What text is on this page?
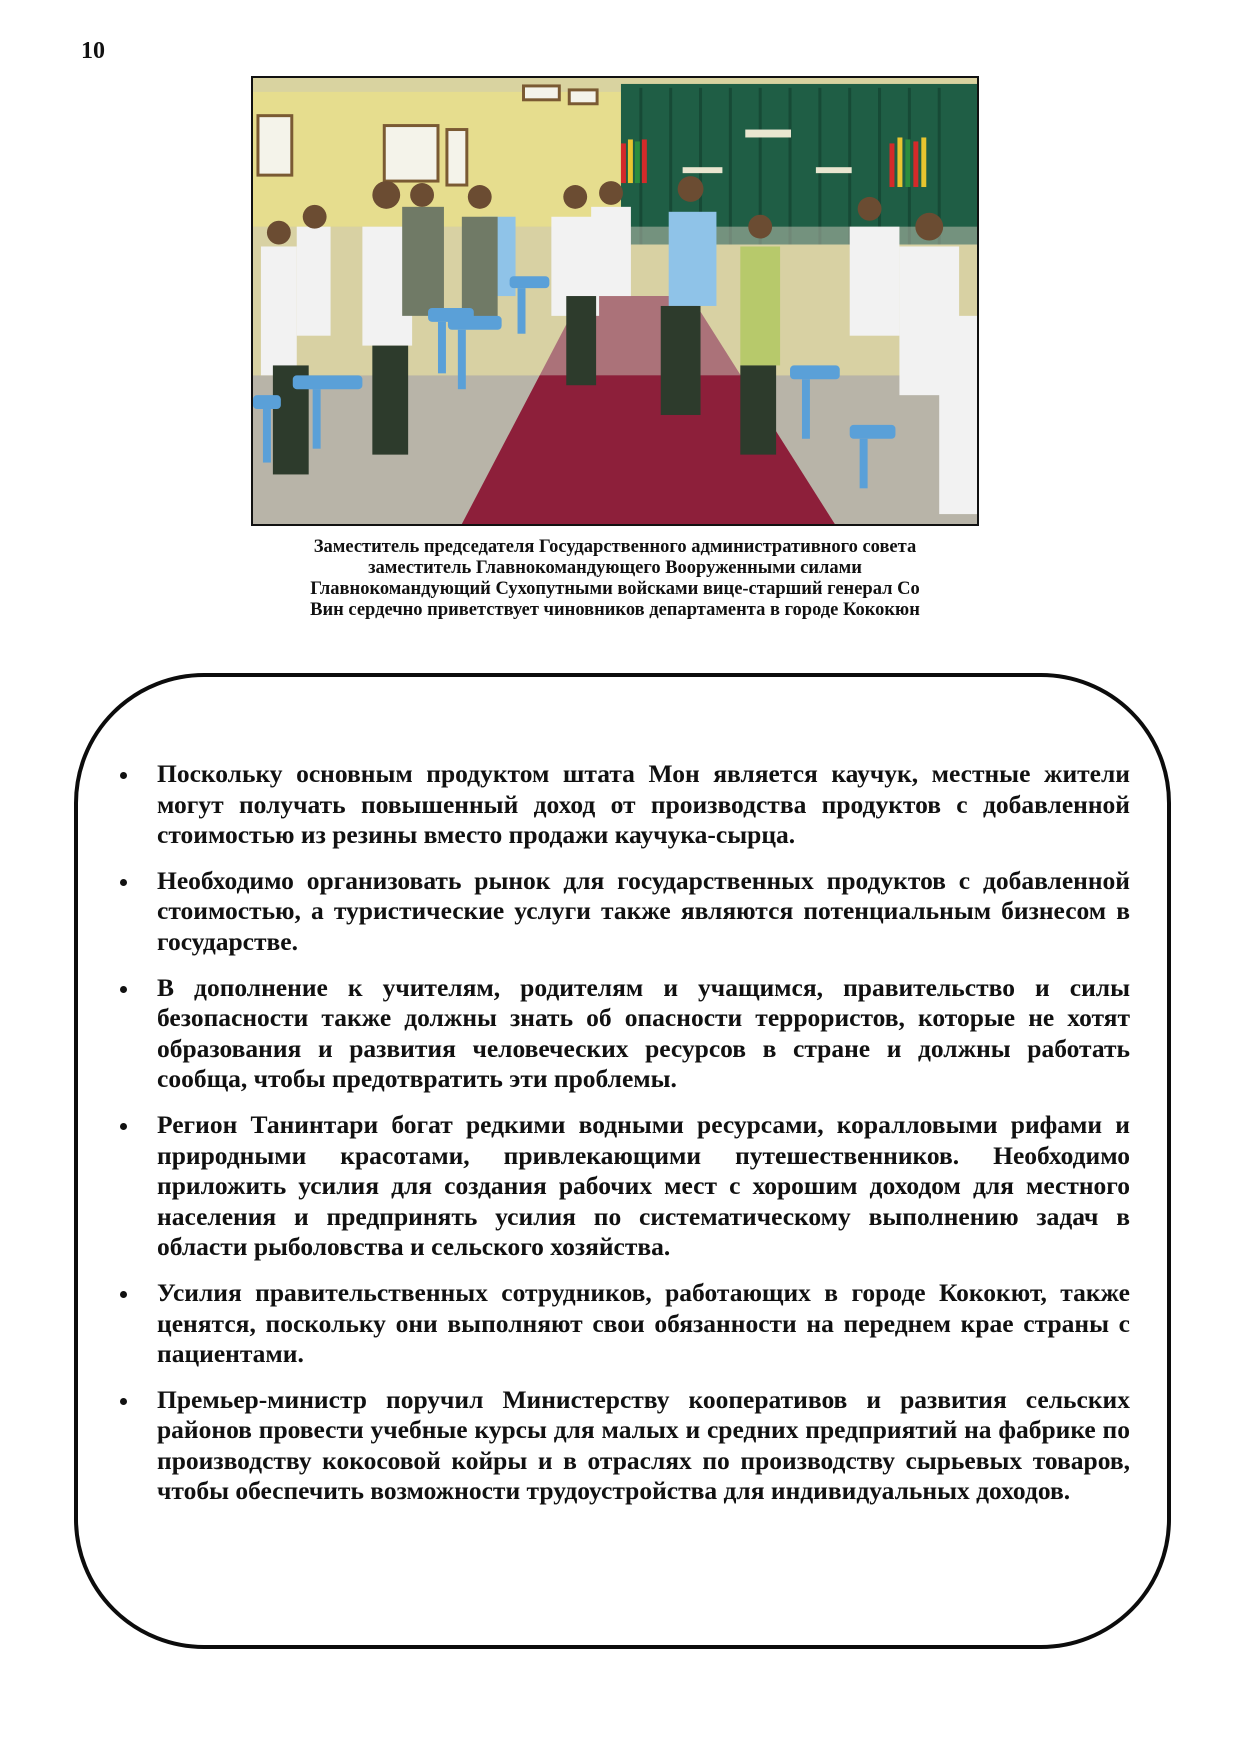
10
Заместитель председателя Государственного административного совета
заместитель Главнокомандующего Вооруженными силами
Главнокомандующий Сухопутными войсками вице-старший генерал Со
Вин сердечно приветствует чиновников департамента в городе Кококюн
Поскольку основным продуктом штата Мон является каучук, местные жители могут получать повышенный доход от производства продуктов с добавленной стоимостью из резины вместо продажи каучука-сырца.
Необходимо организовать рынок для государственных продуктов с добавленной стоимостью, а туристические услуги также являются потенциальным бизнесом в государстве.
В дополнение к учителям, родителям и учащимся, правительство и силы безопасности также должны знать об опасности террористов, которые не хотят образования и развития человеческих ресурсов в стране и должны работать сообща, чтобы предотвратить эти проблемы.
Регион Танинтари богат редкими водными ресурсами, коралловыми рифами и природными красотами, привлекающими путешественников. Необходимо приложить усилия для создания рабочих мест с хорошим доходом для местного населения и предпринять усилия по систематическому выполнению задач в области рыболовства и сельского хозяйства.
Усилия правительственных сотрудников, работающих в городе Кококют, также ценятся, поскольку они выполняют свои обязанности на переднем крае страны с пациентами.
Премьер-министр поручил Министерству кооперативов и развития сельских районов провести учебные курсы для малых и средних предприятий на фабрике по производству кокосовой койры и в отраслях по производству сырьевых товаров, чтобы обеспечить возможности трудоустройства для индивидуальных доходов.
